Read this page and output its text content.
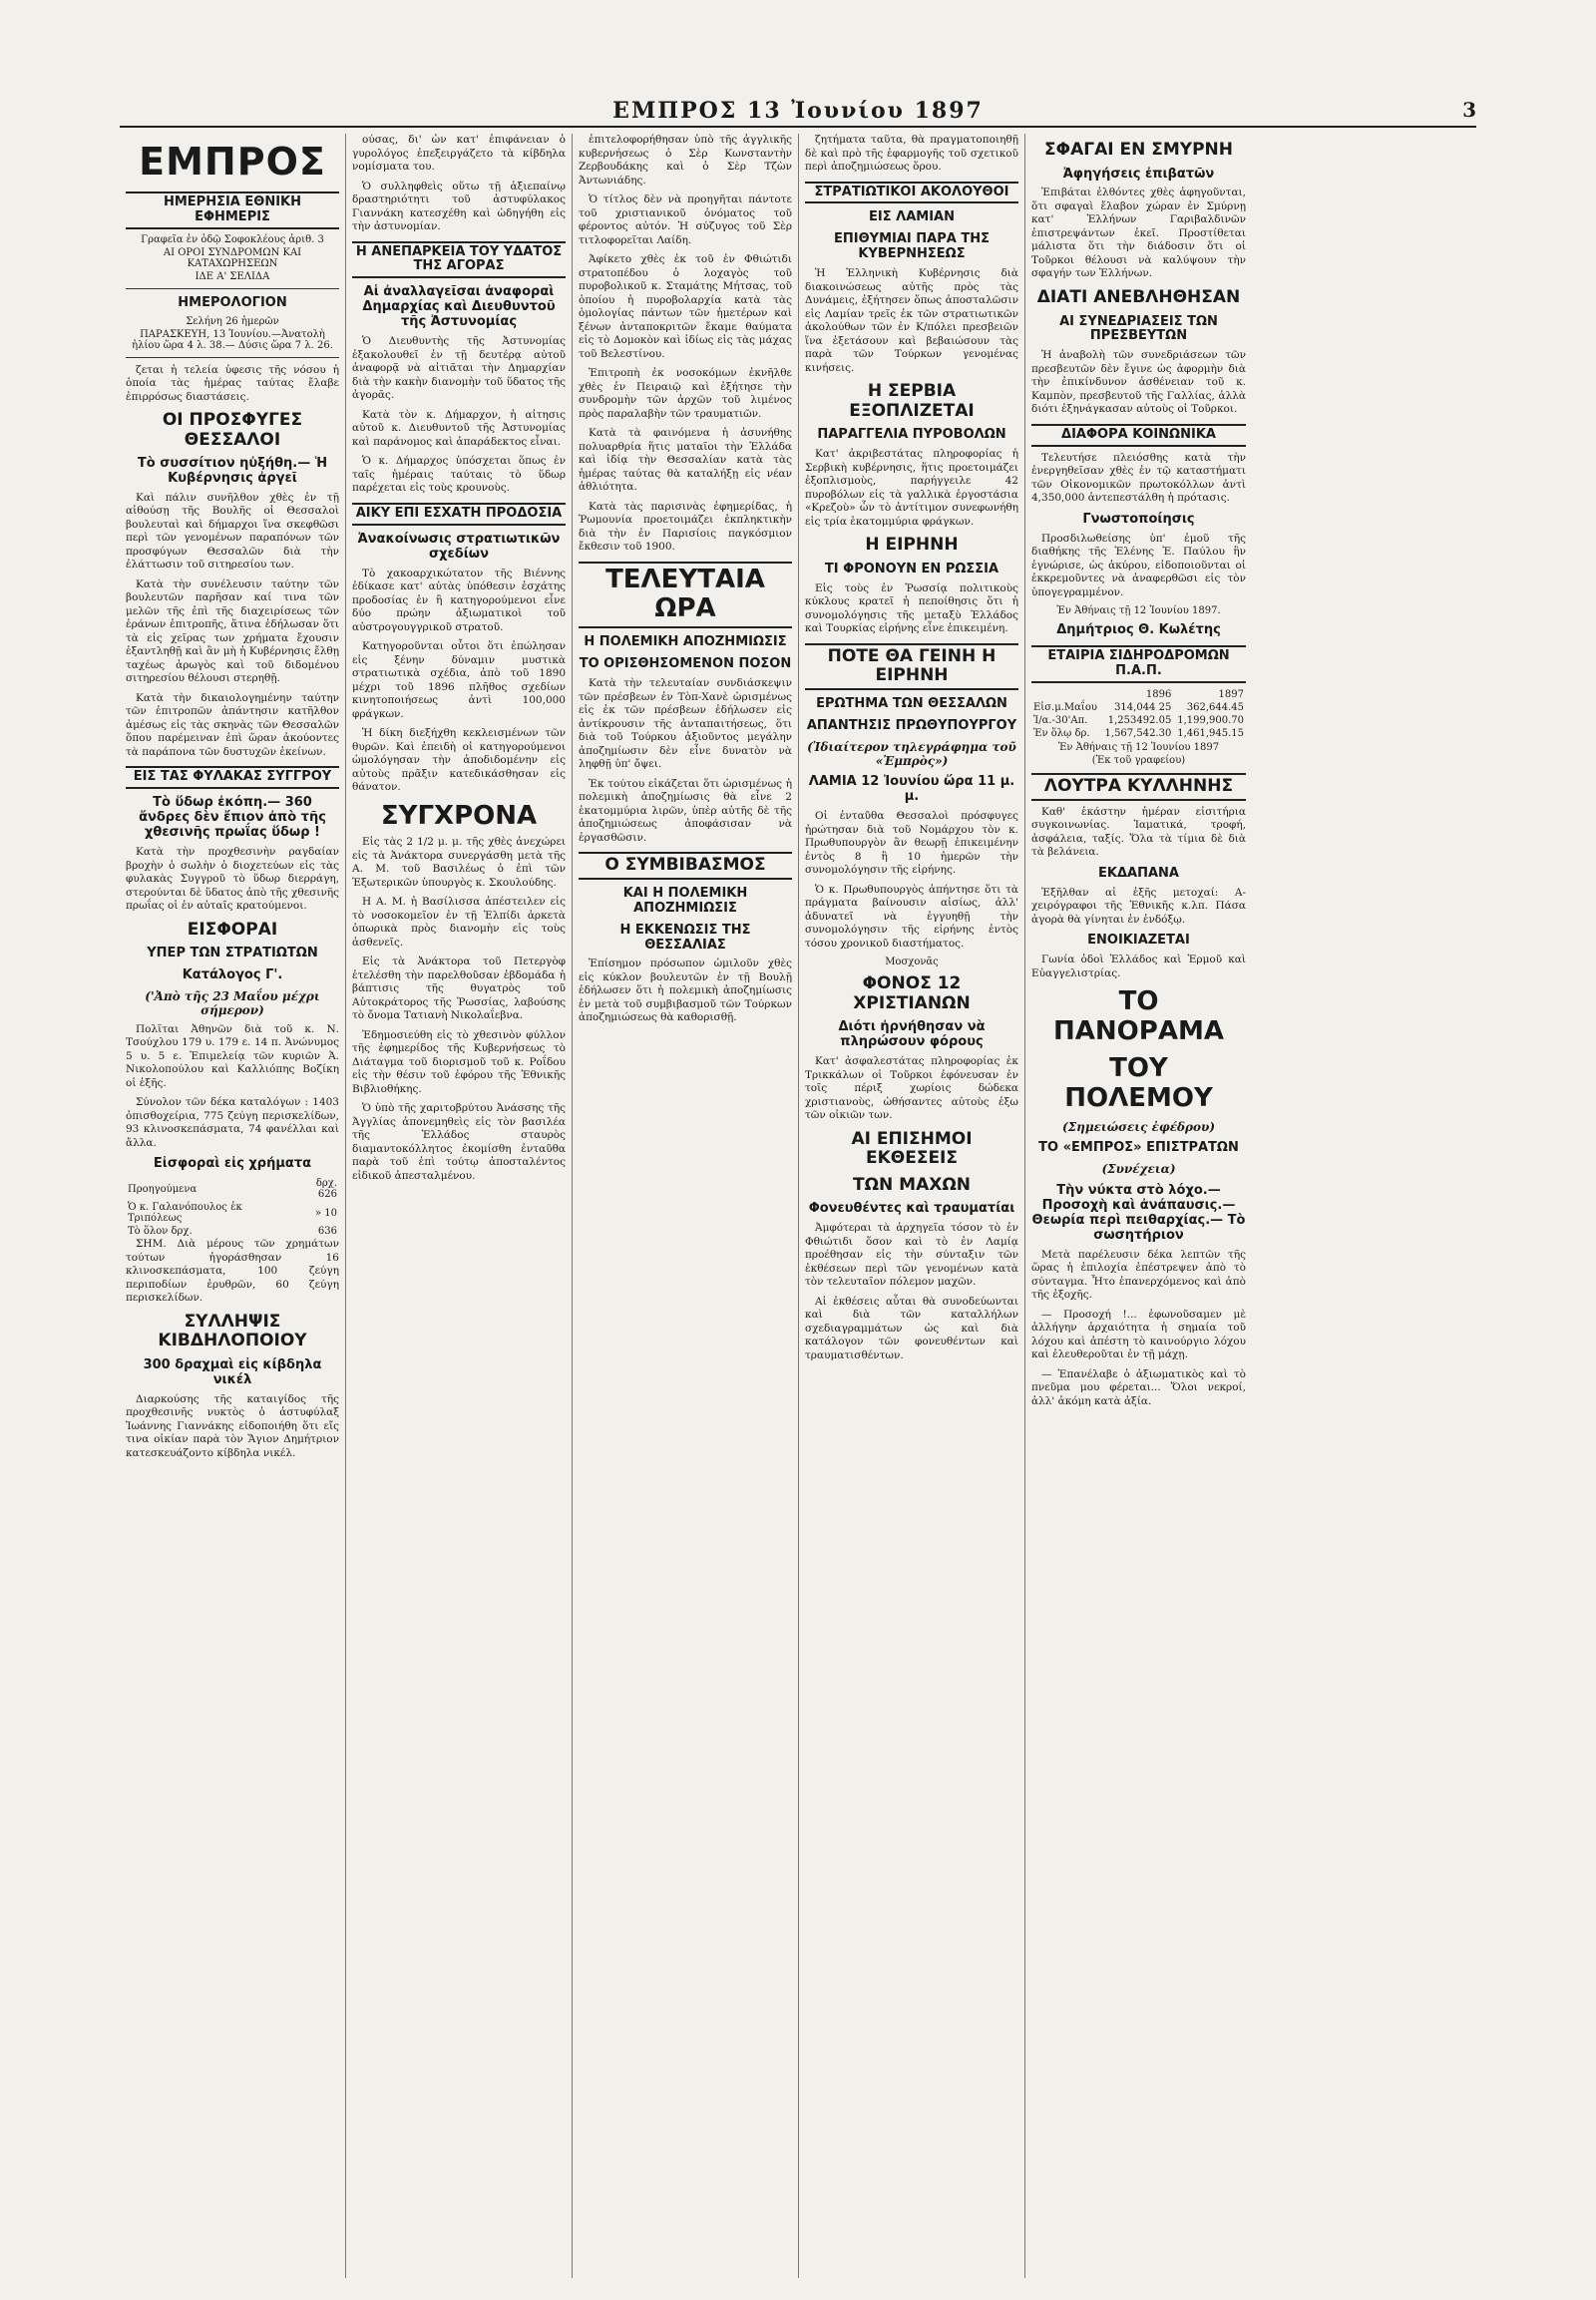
ΕΜΠΡΟΣ 13 Ἰουνίου 1897	3
ΕΜΠΡΟΣ
ΗΜΕΡΗΣΙΑ ΕΘΝΙΚΗ ΕΦΗΜΕΡΙΣ
Γραφεῖα ἐν ὁδῷ Σοφοκλέους ἀριθ. 3
ΑΙ ΟΡΟΙ ΣΥΝΔΡΟΜΩΝ ΚΑΙ ΚΑΤΑΧΩΡΗΣΕΩΝ
ΙΔΕ Α' ΣΕΛΙΔΑ
ΗΜΕΡΟΛΟΓΙΟΝ
Σελήνη 26 ἡμερῶν
ΠΑΡΑΣΚΕΥΗ, 13 Ἰουνίου.—Ἀνατολὴ ἡλίου ὥρα 4 λ. 38.— Δύσις ὥρα 7 λ. 26.

ζεται ἡ τελεία ὑφεσις τῆς νόσου ἡ ὁποία τὰς ἡμέρας ταύτας ἔλαβε ἐπιρρόσως διαστάσεις.

ΟΙ ΠΡΟΣΦΥΓΕΣ ΘΕΣΣΑΛΟΙ
Τὸ συσσίτιον ηὐξήθη.— Ἡ Κυβέρνησις ἀργεῖ

Καὶ πάλιν συνῆλθον χθὲς ἐν τῇ αἰθούσῃ τῆς Βουλῆς οἱ Θεσσαλοὶ βουλευταὶ καὶ δήμαρχοι ἵνα σκεφθῶσι περὶ τῶν γενομένων παραπόνων τῶν προσφύγων Θεσσαλῶν διὰ τὴν ἐλάττωσιν τοῦ σιτηρεσίου των.

Κατὰ τὴν συνέλευσιν ταύτην τῶν βουλευτῶν παρῆσαν καί τινα τῶν μελῶν τῆς ἐπὶ τῆς διαχειρίσεως τῶν ἐράνων ἐπιτροπῆς, ἅτινα ἐδήλωσαν ὅτι τὰ εἰς χεῖρας των χρήματα ἔχουσιν ἐξαντληθῇ καὶ ἂν μὴ ἡ Κυβέρνησις ἔλθῃ ταχέως ἀρωγὸς καὶ τοῦ διδομένου σιτηρεσίου θέλουσι στερηθῇ.

Κατὰ τὴν δικαιολογημένην ταύτην τῶν ἐπιτροπῶν ἀπάντησιν κατῆλθον ἀμέσως εἰς τὰς σκηνὰς τῶν Θεσσαλῶν ὅπου παρέμειναν ἐπὶ ὥραν ἀκούοντες τὰ παράπονα τῶν δυστυχῶν ἐκείνων.

ΕΙΣ ΤΑΣ ΦΥΛΑΚΑΣ ΣΥΓΓΡΟΥ
Τὸ ὕδωρ ἐκόπη.— 360 ἄνδρες δὲν ἔπιον ἀπὸ τῆς χθεσινῆς πρωΐας ὕδωρ !

Κατὰ τὴν προχθεσινὴν ραγδαίαν βροχὴν ὁ σωλὴν ὁ διοχετεύων εἰς τὰς φυλακὰς Συγγροῦ τὸ ὕδωρ διερράγη, στερούνται δὲ ὕδατος ἀπὸ τῆς χθεσινῆς πρωΐας οἱ ἐν αὐταῖς κρατούμενοι.

ΕΙΣΦΟΡΑΙ
ΥΠΕΡ ΤΩΝ ΣΤΡΑΤΙΩΤΩΝ
Κατάλογος Γ'.
('Ἀπὸ τῆς 23 Μαΐου μέχρι σήμερον)

Πολῖται Ἀθηνῶν διὰ τοῦ κ. Ν. Τσούχλου 179 υ. 179 ε. 14 π. Ἀνώνυμος 5 υ. 5 ε. Ἐπιμελείᾳ τῶν κυριῶν Ἀ. Νικολοπούλου καὶ Καλλιόπης Βοζίκη οἱ ἑξῆς.

Σύνολον τῶν δέκα καταλόγων : 1403 ὀπισθοχείρια, 775 ζεύγη περισκελίδων, 93 κλινοσκεπάσματα, 74 φανέλλαι καὶ ἄλλα.

Εἰσφοραὶ εἰς χρήματα
Προηγούμενα	δρχ. 626
Ὁ κ. Γαλανόπουλος ἐκ Τριπόλεως	» 10
Τὸ ὅλον δρχ.	636

ΣΗΜ. Διὰ μέρους τῶν χρημάτων τούτων ἠγοράσθησαν 16 κλινοσκεπάσματα, 100 ζεύγη περιποδίων ἐρυθρῶν, 60 ζεύγη περισκελίδων.

ΣΥΛΛΗΨΙΣ ΚΙΒΔΗΛΟΠΟΙΟΥ
300 δραχμαὶ εἰς κίβδηλα νικέλ

Διαρκούσης τῆς καταιγίδος τῆς προχθεσινῆς νυκτὸς ὁ ἀστυφύλαξ Ἰωάννης Γιαννάκης εἰδοποιήθη ὅτι εἴς τινα οἰκίαν παρὰ τὸν Ἅγιον Δημήτριον κατεσκευάζοντο κίβδηλα νικέλ.

ούσας, δι' ὧν κατ' ἐπιφάνειαν ὁ γυρολόγος ἐπεξειργάζετο τὰ κίβδηλα νομίσματα του.

Ὁ συλληφθεὶς οὕτω τῇ ἀξιεπαίνῳ δραστηριότητι τοῦ ἀστυφύλακος Γιαννάκη κατεσχέθη καὶ ὡδηγήθη εἰς τὴν ἀστυνομίαν.

Η ΑΝΕΠΑΡΚΕΙΑ ΤΟΥ ΥΔΑΤΟΣ ΤΗΣ ΑΓΟΡΑΣ
Αἱ ἀναλλαγεῖσαι ἀναφοραὶ Δημαρχίας καὶ Διευθυντοῦ τῆς Ἀστυνομίας

Ὁ Διευθυντὴς τῆς Ἀστυνομίας ἐξακολουθεῖ ἐν τῇ δευτέρᾳ αὐτοῦ ἀναφορᾷ νὰ αἰτιᾶται τὴν Δημαρχίαν διὰ τὴν κακὴν διανομὴν τοῦ ὕδατος τῆς ἀγορᾶς.

Κατὰ τὸν κ. Δήμαρχον, ἡ αἰτησις αὐτοῦ κ. Διευθυντοῦ τῆς Ἀστυνομίας καὶ παράνομος καὶ ἀπαράδεκτος εἶναι.

Ὁ κ. Δήμαρχος ὑπόσχεται ὅπως ἐν ταῖς ἡμέραις ταύταις τὸ ὕδωρ παρέχεται εἰς τοὺς κρουνοὺς.

ΑΙΚΥ ΕΠΙ ΕΣΧΑΤΗ ΠΡΟΔΟΣΙΑ
Ἀνακοίνωσις στρατιωτικῶν σχεδίων

Τὸ χακοαρχικώτατον τῆς Βιέννης ἐδίκασε κατ' αὐτὰς ὑπόθεσιν ἐσχάτης προδοσίας ἐν ἢ κατηγορούμενοι εἶνε δύο πρώην ἀξιωματικοὶ τοῦ αὐστρογουγγρικοῦ στρατοῦ.

Κατηγοροῦνται οὗτοι ὅτι ἐπώλησαν εἰς ξένην δύναμιν μυστικὰ στρατιωτικὰ σχέδια, ἀπὸ τοῦ 1890 μέχρι τοῦ 1896 πλῆθος σχεδίων κινητοποιήσεως ἀντὶ 100,000 φράγκων.

Ἡ δίκη διεξήχθη κεκλεισμένων τῶν θυρῶν. Καὶ ἐπειδὴ οἱ κατηγορούμενοι ὡμολόγησαν τὴν ἀποδιδομένην εἰς αὐτοὺς πρᾶξιν κατεδικάσθησαν εἰς θάνατον.

ΣΥΓΧΡΟΝΑ

Εἰς τὰς 2 1/2 μ. μ. τῆς χθὲς ἀνεχώρει εἰς τὰ Ἀνάκτορα συνεργάσθη μετὰ τῆς Α. Μ. τοῦ Βασιλέως ὁ ἐπὶ τῶν Ἐξωτερικῶν ὑπουργὸς κ. Σκουλούδης.

Η Α. Μ. ἡ Βασίλισσα ἀπέστειλεν εἰς τὸ νοσοκομεῖον ἐν τῇ Ἐλπίδι ἀρκετὰ ὀπωρικὰ πρὸς διανομὴν εἰς τοὺς ἀσθενεῖς.

Εἰς τὰ Ἀνάκτορα τοῦ Πετεργὸφ ἐτελέσθη τὴν παρελθοῦσαν ἑβδομάδα ἡ βάπτισις τῆς θυγατρὸς τοῦ Αὐτοκράτορος τῆς Ῥωσσίας, λαβούσης τὸ ὄνομα Τατιανὴ Νικολαΐεβνα.

Ἐδημοσιεύθη εἰς τὸ χθεσινὸν φύλλον τῆς ἐφημερίδος τῆς Κυβερνήσεως τὸ Διάταγμα τοῦ διορισμοῦ τοῦ κ. Ροΐδου εἰς τὴν θέσιν τοῦ ἐφόρου τῆς Ἐθνικῆς Βιβλιοθήκης.

Ὁ ὑπὸ τῆς χαριτοβρύτου Ἀνάσσης τῆς Ἀγγλίας ἀπονεμηθεὶς εἰς τὸν βασιλέα τῆς Ἑλλάδος σταυρὸς διαμαντοκόλλητος ἐκομίσθη ἐνταῦθα παρὰ τοῦ ἐπὶ τούτῳ ἀποσταλέντος εἰδικοῦ ἀπεσταλμένου.

ἐπιτελοφορήθησαν ὑπὸ τῆς ἀγγλικῆς κυβερνήσεως ὁ Σὲρ Κωνσταντὴν Ζερβουδάκης καὶ ὁ Σὲρ Τζὼν Ἀντωνιάδης.

Ὁ τίτλος δὲν νὰ προηγῆται πάντοτε τοῦ χριστιανικοῦ ὀνόματος τοῦ φέροντος αὐτόν. Ἡ σύζυγος τοῦ Σὲρ τιτλοφορεῖται Λαίδη.

Ἀφίκετο χθὲς ἐκ τοῦ ἐν Φθιώτιδι στρατοπέδου ὁ λοχαγὸς τοῦ πυροβολικοῦ κ. Σταμάτης Μήτσας, τοῦ ὁποίου ἡ πυροβολαρχία κατὰ τὰς ὁμολογίας πάντων τῶν ἡμετέρων καὶ ξένων ἀνταποκριτῶν ἔκαμε θαύματα εἰς τὸ Δομοκὸν καὶ ἰδίως εἰς τὰς μάχας τοῦ Βελεστίνου.

Ἐπιτροπὴ ἐκ νοσοκόμων ἐκνῆλθε χθὲς ἐν Πειραιῷ καὶ ἐξήτησε τὴν συνδρομὴν τῶν ἀρχῶν τοῦ λιμένος πρὸς παραλαβὴν τῶν τραυματιῶν.

Κατὰ τὰ φαινόμενα ἡ ἀσυνήθης πολυαρθρία ἥτις ματαῖοι τὴν Ἑλλάδα καὶ ἰδίᾳ τὴν Θεσσαλίαν κατὰ τὰς ἡμέρας ταύτας θὰ καταλήξῃ εἰς νέαν ἀθλιότητα.

Κατὰ τὰς παρισινὰς ἐφημερίδας, ἡ Ῥωμουνία προετοιμάζει ἐκπληκτικὴν διὰ τὴν ἐν Παρισίοις παγκόσμιον ἔκθεσιν τοῦ 1900.

ΤΕΛΕΥΤΑΙΑ ΩΡΑ
Η ΠΟΛΕΜΙΚΗ ΑΠΟΖΗΜΙΩΣΙΣ
ΤΟ ΟΡΙΣΘΗΣΟΜΕΝΟΝ ΠΟΣΟΝ

Κατὰ τὴν τελευταίαν συνδιάσκεψιν τῶν πρέσβεων ἐν Τὸπ-Χανὲ ὡρισμένως εἰς ἐκ τῶν πρέσβεων ἐδήλωσεν εἰς ἀντίκρουσιν τῆς ἀνταπαιτήσεως, ὅτι διὰ τοῦ Τούρκου ἀξιοῦντος μεγάλην ἀποζημίωσιν δὲν εἶνε δυνατὸν νὰ ληφθῇ ὑπ' ὄψει.

Ἐκ τούτου εἰκάζεται ὅτι ὡρισμένως ἡ πολεμικὴ ἀποζημίωσις θὰ εἶνε 2 ἑκατομμύρια λιρῶν, ὑπὲρ αὐτῆς δὲ τῆς ἀποζημιώσεως ἀποφάσισαν νὰ ἐργασθῶσιν.

Ο ΣΥΜΒΙΒΑΣΜΟΣ
ΚΑΙ Η ΠΟΛΕΜΙΚΗ ΑΠΟΖΗΜΙΩΣΙΣ
Η ΕΚΚΕΝΩΣΙΣ ΤΗΣ ΘΕΣΣΑΛΙΑΣ

Ἐπίσημον πρόσωπον ὡμιλοῦν χθὲς εἰς κύκλον βουλευτῶν ἐν τῇ Βουλῇ ἐδήλωσεν ὅτι ἡ πολεμικὴ ἀποζημίωσις ἐν μετὰ τοῦ συμβιβασμοῦ τῶν Τούρκων ἀποζημιώσεως θὰ καθορισθῇ.

ζητήματα ταῦτα, θὰ πραγματοποιηθῇ δὲ καὶ πρὸ τῆς ἐφαρμογῆς τοῦ σχετικοῦ περὶ ἀποζημιώσεως ὅρου.

ΣΤΡΑΤΙΩΤΙΚΟΙ ΑΚΟΛΟΥΘΟΙ
ΕΙΣ ΛΑΜΙΑΝ
ΕΠΙΘΥΜΙΑΙ ΠΑΡΑ ΤΗΣ ΚΥΒΕΡΝΗΣΕΩΣ

Ἡ Ἑλληνικὴ Κυβέρνησις διὰ διακοινώσεως αὐτῆς πρὸς τὰς Δυνάμεις, ἐξήτησεν ὅπως ἀποσταλῶσιν εἰς Λαμίαν τρεῖς ἐκ τῶν στρατιωτικῶν ἀκολούθων τῶν ἐν Κ/πόλει πρεσβειῶν ἵνα ἐξετάσουν καὶ βεβαιώσουν τὰς παρὰ τῶν Τούρκων γενομένας κινήσεις.

Η ΣΕΡΒΙΑ ΕΞΟΠΛΙΖΕΤΑΙ
ΠΑΡΑΓΓΕΛΙΑ ΠΥΡΟΒΟΛΩΝ

Κατ' ἀκριβεστάτας πληροφορίας ἡ Σερβικὴ κυβέρνησις, ἥτις προετοιμάζει ἐξοπλισμοὺς, παρήγγειλε 42 πυροβόλων εἰς τὰ γαλλικὰ ἐργοστάσια «Κρεζοὺ» ὧν τὸ ἀντίτιμον συνεφωνήθη εἰς τρία ἑκατομμύρια φράγκων.

Η ΕΙΡΗΝΗ
ΤΙ ΦΡΟΝΟΥΝ ΕΝ ΡΩΣΣΙΑ

Εἰς τοὺς ἐν Ῥωσσίᾳ πολιτικοὺς κύκλους κρατεῖ ἡ πεποίθησις ὅτι ἡ συνομολόγησις τῆς μεταξὺ Ἑλλάδος καὶ Τουρκίας εἰρήνης εἶνε ἐπικειμένη.

ΠΟΤΕ ΘΑ ΓΕΙΝΗ Η ΕΙΡΗΝΗ
ΕΡΩΤΗΜΑ ΤΩΝ ΘΕΣΣΑΛΩΝ
ΑΠΑΝΤΗΣΙΣ ΠΡΩΘΥΠΟΥΡΓΟΥ
(Ἰδιαίτερον τηλεγράφημα τοῦ «Ἐμπρὸς»)
ΛΑΜΙΑ 12 Ἰουνίου ὥρα 11 μ. μ.

Οἱ ἐνταῦθα Θεσσαλοὶ πρόσφυγες ἠρώτησαν διὰ τοῦ Νομάρχου τὸν κ. Πρωθυπουργὸν ἂν θεωρῇ ἐπικειμένην ἐντὸς 8 ἢ 10 ἡμερῶν τὴν συνομολόγησιν τῆς εἰρήνης.

Ὁ κ. Πρωθυπουργὸς ἀπήντησε ὅτι τὰ πράγματα βαίνουσιν αἰσίως, ἀλλ' ἀδυνατεῖ νὰ ἐγγυηθῇ τὴν συνομολόγησιν τῆς εἰρήνης ἐντὸς τόσου χρονικοῦ διαστήματος.

Μοσχονᾶς
ΦΟΝΟΣ 12 ΧΡΙΣΤΙΑΝΩΝ
Διότι ἠρνήθησαν νὰ πληρώσουν φόρους

Κατ' ἀσφαλεστάτας πληροφορίας ἐκ Τρικκάλων οἱ Τοῦρκοι ἐφόνευσαν ἐν τοῖς πέριξ χωρίοις δώδεκα χριστιανοὺς, ὡθήσαντες αὐτοὺς ἐξω τῶν οἰκιῶν των.

ΑΙ ΕΠΙΣΗΜΟΙ ΕΚΘΕΣΕΙΣ
ΤΩΝ ΜΑΧΩΝ
Φονευθέντες καὶ τραυματίαι

Ἀμφότεραι τὰ ἀρχηγεῖα τόσον τὸ ἐν Φθιώτιδι ὅσον καὶ τὸ ἐν Λαμίᾳ προέθησαν εἰς τὴν σύνταξιν τῶν ἐκθέσεων περὶ τῶν γενομένων κατὰ τὸν τελευταῖον πόλεμον μαχῶν.

Αἱ ἐκθέσεις αὗται θὰ συνοδεύωνται καὶ διὰ τῶν καταλλήλων σχεδιαγραμμάτων ὡς καὶ διὰ κατάλογον τῶν φονευθέντων καὶ τραυματισθέντων.

ΣΦΑΓΑΙ ΕΝ ΣΜΥΡΝΗ
Ἀφηγήσεις ἐπιβατῶν

Ἐπιβάται ἐλθόντες χθὲς ἀφηγοῦνται, ὅτι σφαγαὶ ἔλαβον χώραν ἐν Σμύρνῃ κατ' Ἑλλήνων Γαριβαλδινῶν ἐπιστρεψάντων ἐκεῖ. Προστίθεται μάλιστα ὅτι τὴν διάδοσιν ὅτι οἱ Τοῦρκοι θέλουσι νὰ καλύψουν τὴν σφαγήν των Ἑλλήνων.

ΔΙΑΤΙ ΑΝΕΒΛΗΘΗΣΑΝ
ΑΙ ΣΥΝΕΔΡΙΑΣΕΙΣ ΤΩΝ ΠΡΕΣΒΕΥΤΩΝ

Ἡ ἀναβολὴ τῶν συνεδριάσεων τῶν πρεσβευτῶν δὲν ἔγινε ὡς ἀφορμὴν διὰ τὴν ἐπικίνδυνον ἀσθένειαν τοῦ κ. Καμπὸν, πρεσβευτοῦ τῆς Γαλλίας, ἀλλὰ διότι ἐξηνάγκασαν αὐτοὺς οἱ Τοῦρκοι.

ΔΙΑΦΟΡΑ ΚΟΙΝΩΝΙΚΑ

Τελευτήσε πλειόσθης κατὰ τὴν ἐνεργηθεῖσαν χθὲς ἐν τῷ καταστήματι τῶν Οἰκονομικῶν πρωτοκόλλων ἀντὶ 4,350,000 ἀντεπεστάλθη ἡ πρότασις.

Γνωστοποίησις

Προσδιλωθείσης ὑπ' ἐμοῦ τῆς διαθήκης τῆς Ἑλένης Ἐ. Παύλου ἣν ἐγνώρισε, ὡς ἀκύρου, εἰδοποιοῦνται οἱ ἐκκρεμοῦντες νὰ ἀναφερθῶσι εἰς τὸν ὑπογεγραμμένον.

Ἐν Ἀθήναις τῇ 12 Ἰουνίου 1897.
Δημήτριος Θ. Κωλέτης
ΕΤΑΙΡΙΑ ΣΙΔΗΡΟΔΡΟΜΩΝ Π.Α.Π.
	1896	1897
Εἰσ.μ.Μαΐου	314,044 25	362,644.45
Ἰ/α.-30'Απ.	1,253492.05	1,199,900.70
Ἐν ὅλῳ δρ.	1,567,542.30	1,461,945.15
Ἐν Ἀθήναις τῇ 12 Ἰουνίου 1897
(Ἐκ τοῦ γραφείου)
ΛΟΥΤΡΑ ΚΥΛΛΗΝΗΣ

Καθ' ἑκάστην ἡμέραν εἰσιτήρια συγκοινωνίας. Ἰαματικά, τροφή, ἀσφάλεια, ταξίς. Ὅλα τὰ τίμια δὲ διὰ τὰ βελάνεια.

ΕΚΔΑΠΑΝΑ

Ἐξῆλθαν αἱ ἑξῆς μετοχαί: Α-χειρόγραφοι τῆς Ἐθνικῆς κ.λπ. Πάσα ἀγορὰ θὰ γίνηται ἐν ἐνδόξῳ.

ΕΝΟΙΚΙΑΖΕΤΑΙ

Γωνία ὁδοὶ Ἑλλάδος καὶ Ἐρμοῦ καὶ Εὐαγγελιστρίας.

ΤΟ ΠΑΝΟΡΑΜΑ
ΤΟΥ ΠΟΛΕΜΟΥ
(Σημειώσεις ἐφέδρου)
ΤΟ «ΕΜΠΡΟΣ» ΕΠΙΣΤΡΑΤΩΝ
(Συνέχεια)
Τὴν νύκτα στὸ λόχο.— Προσοχὴ καὶ ἀνάπαυσις.— Θεωρία περὶ πειθαρχίας.— Τὸ σωσητήριον

Μετὰ παρέλευσιν δέκα λεπτῶν τῆς ὥρας ἡ ἐπιλοχία ἐπέστρεψεν ἀπὸ τὸ σύνταγμα. Ἦτο ἐπανερχόμενος καὶ ἀπὸ τῆς ἐξοχῆς.

— Προσοχή !... ἐφωνοῦσαμεν μὲ ἀλλήγην ἀρχαιότητα ἡ σημαία τοῦ λόχου καὶ ἀπέστη τὸ καινούργιο λόχου καὶ ἐλευθεροῦται ἐν τῇ μάχῃ.

— Ἐπανέλαβε ὁ ἀξιωματικὸς καὶ τὸ πνεῦμα μου φέρεται... Ὅλοι νεκροί, ἀλλ' ἀκόμη κατὰ ἀξία.
